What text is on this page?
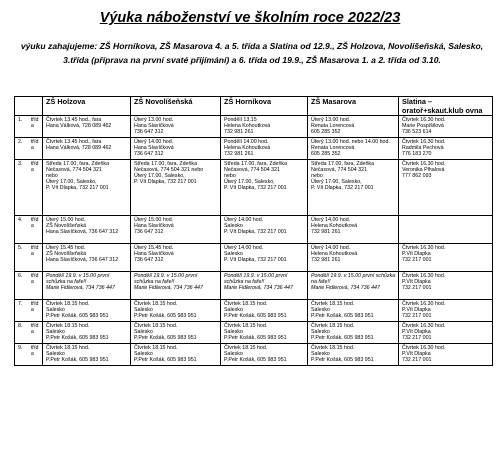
Výuka náboženství ve školním roce 2022/23
výuku zahajujeme: ZŠ Horníkova, ZŠ Masarova 4. a 5. třída a Slatina od 12.9., ZŠ Holzova, Novolíšeňská, Salesko, 3.třída (příprava na první svaté přijímání) a 6. třída od 19.9., ZŠ Masarova 1. a 2. třída od 3.10.
	ZŠ Holzova	ZŠ Novolíšeňská	ZŠ Horníkova	ZŠ Masarova	Slatina – oratoř+skaut.klub ovna

1. tříd a	Čtvrtek 13.45 hod., fara
Hana Válková, 728 089 462	Úterý 13.00 hod.
Hana Slavíčková
736 647 312	Pondělí 13.15
Helena Kohoutková
732 981 261	Úterý 13.00 hod.
Renata Lorencová
605 285 352	Čtvrtek 16.30 hod.
Marie Pospíšilová
736 523 614

2. tříd a	Čtvrtek 13.45 hod., fara
Hana Válková, 728 089 462	Úterý 14.00 hod.
Hana Slavíčková
736 647 312	Pondělí 14.00 hod.
Helena Kohoutková
732 981 261	Úterý 13.00 hod. nebo 14.00 hod.
Renata Lorencová
605 285 352	Čtvrtek 16.30 hod.
Radmila Pechová
776 183 270

3. tříd a	Středa 17.00, fara, Zdeňka Nečasová, 774 504 321
nebo
Úterý 17.00, Salesko,
P. Vít Dlapka, 732 217 001	Středa 17.00, fara, Zdeňka Nečasová, 774 504 321 nebo
Úterý 17.00, Salesko,
P. Vít Dlapka, 732 217 001	Středa 17.00, fara, Zdeňka Nečasová, 774 504 321
nebo
Úterý 17.00, Salesko,
P. Vít Dlapka, 732 217 001	Středa 17.00, fara, Zdeňka Nečasová, 774 504 321
nebo
Úterý 17.00, Salesko,
P. Vít Dlapka, 732 217 001	Čtvrtek 16.30 hod.
Veronika Plhalová
777 862 093

4. tříd a	Úterý 15.00 hod.
ZŠ Novolíšeňská
Hana Slavíčková, 736 647 312	Úterý 15.00 hod.
Hana Slavíčková
736 647 312	Úterý 14.00 hod.
Salesko
P. Vít Dlapka, 732 217 001	Úterý 14.00 hod.
Helena Kohoutková
732 981 261	

5. tříd a	Úterý 15.45 hod.
ZŠ Novolíšeňská
Hana Slavíčková, 736 647 312	Úterý 15.45 hod.
Hana Slavíčková
736 647 312	Úterý 14.00 hod.
Salesko
P. Vít Dlapka, 732 217 001	Úterý 14.00 hod.
Helena Kohoutková
732 981 261	Čtvrtek 16.30 hod.
P.Vít Dlapka
732 217 001

6. tříd a	Pondělí 19.9. v 15.00 první schůzka na faře!!
Marie Fidlerová, 734 736 447	Pondělí 19.9. v 15.00 první schůzka na faře!!
Marie Fidlerová, 734 736 447	Pondělí 19.9. v 15.00 první schůzka na faře!!
Marie Fidlerová, 734 736 447	Pondělí 19.9. v 15.00 první schůzka na faře!!
Marie Fidlerová, 734 736 447	Čtvrtek 16.30 hod.
P.Vít Dlapka
732 217 001

7. tříd a	Čtvrtek 18.15 hod.
Salesko
P.Petr Košák, 605 983 951	Čtvrtek 18.15 hod.
Salesko
P.Petr Košák, 605 983 951	Čtvrtek 18.15 hod.
Salesko
P.Petr Košák, 605 983 951	Čtvrtek 18.15 hod.
Salesko
P.Petr Košák, 605 983 951	Čtvrtek 16.30 hod.
P.Vít Dlapka
732 217 001

8. tříd a	Čtvrtek 18.15 hod.
Salesko
P.Petr Košák, 605 983 951	Čtvrtek 18.15 hod.
Salesko
P.Petr Košák, 605 983 951	Čtvrtek 18.15 hod.
Salesko
P.Petr Košák, 605 983 951	Čtvrtek 18.15 hod.
Salesko
P.Petr Košák, 605 983 951	Čtvrtek 16.30 hod.
P.Vít Dlapka
732 217 001

9. tříd a	Čtvrtek 18.15 hod.
Salesko
P.Petr Košák, 605 983 951	Čtvrtek 18.15 hod.
Salesko
P.Petr Košák, 605 983 951	Čtvrtek 18.15 hod.
Salesko
P.Petr Košák, 605 983 951	Čtvrtek 18.15 hod.
Salesko
P.Petr Košák, 605 983 951	Čtvrtek 16.30 hod.
P.Vít Dlapka
732 217 001
